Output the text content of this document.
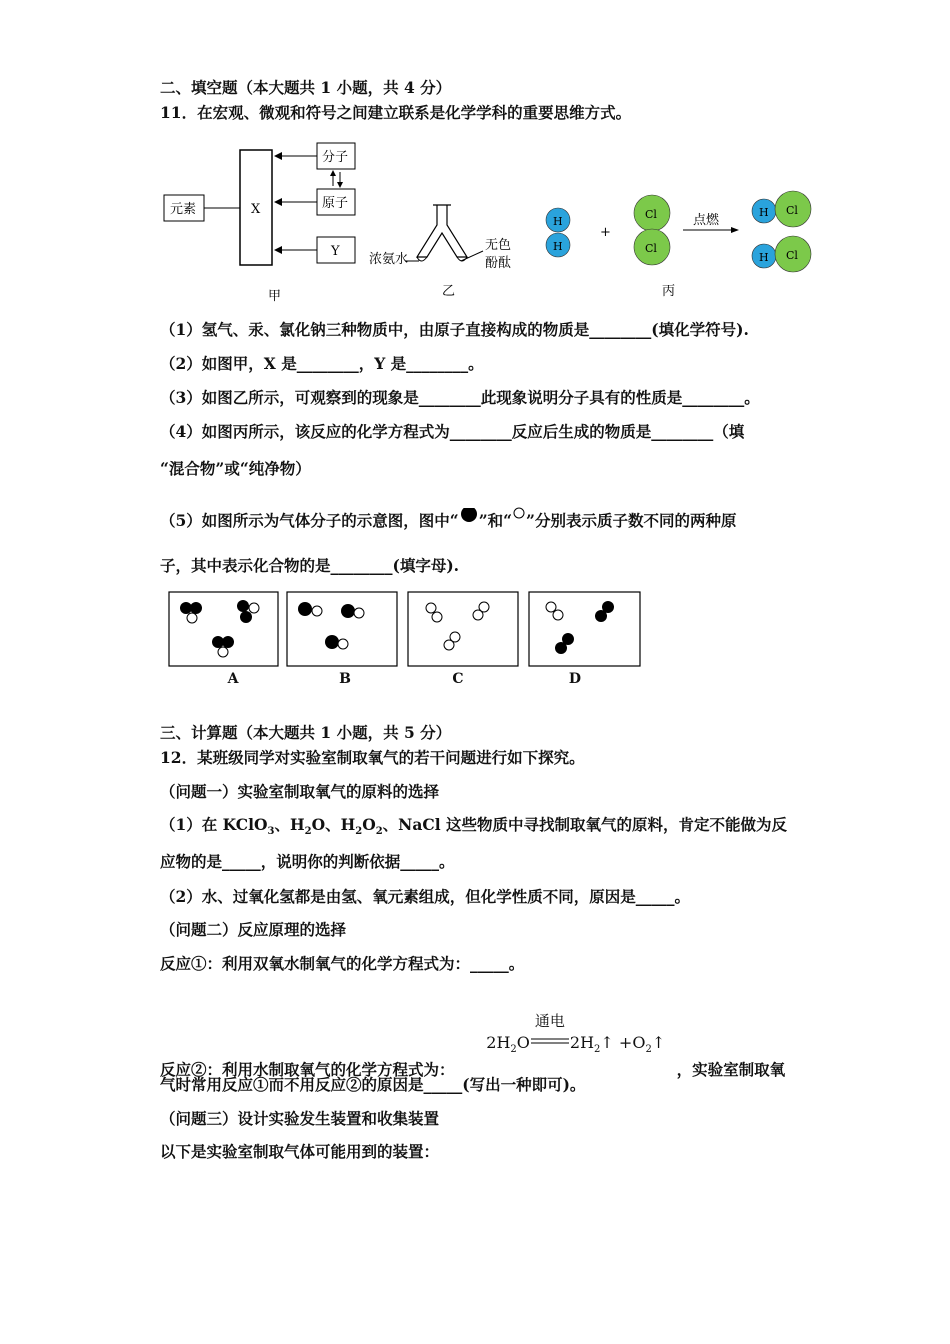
二、填空题（本大题共 1 小题，共 4 分）
11．在宏观、微观和符号之间建立联系是化学学科的重要思维方式。
元素	X
分子
原子
Y
甲
浓氨水
无色
酚酞
乙
H
H
+
Cl
Cl
点燃
H Cl
H Cl
丙
（1）氢气、汞、氯化钠三种物质中，由原子直接构成的物质是________(填化学符号).
（2）如图甲，X 是________，Y 是________。
（3）如图乙所示，可观察到的现象是________此现象说明分子具有的性质是________。
（4）如图丙所示，该反应的化学方程式为________反应后生成的物质是________（填
“混合物”或“纯净物）
（5）如图所示为气体分子的示意图，图中“ ”和“ ”分别表示质子数不同的两种原
子，其中表示化合物的是________(填字母).
A	B	C	D
三、计算题（本大题共 1 小题，共 5 分）
12．某班级同学对实验室制取氧气的若干问题进行如下探究。
（问题一）实验室制取氧气的原料的选择
（1）在 KClO$_3$、$H_2O$、$H_2O_2$、NaCl 这些物质中寻找制取氧气的原料，肯定不能做为反
应物的是_____，说明你的判断依据_____。
（2）水、过氧化氢都是由氢、氧元素组成，但化学性质不同，原因是_____。
（问题二）反应原理的选择
反应①：利用双氧水制氧气的化学方程式为：_____。
反应②：利用水制取氧气的化学方程式为：
$2H_2O$
通电
$2H_2↑$ $+O_2↑$
，实验室制取氧
气时常用反应①而不用反应②的原因是_____(写出一种即可)。
（问题三）设计实验发生装置和收集装置
以下是实验室制取气体可能用到的装置：
